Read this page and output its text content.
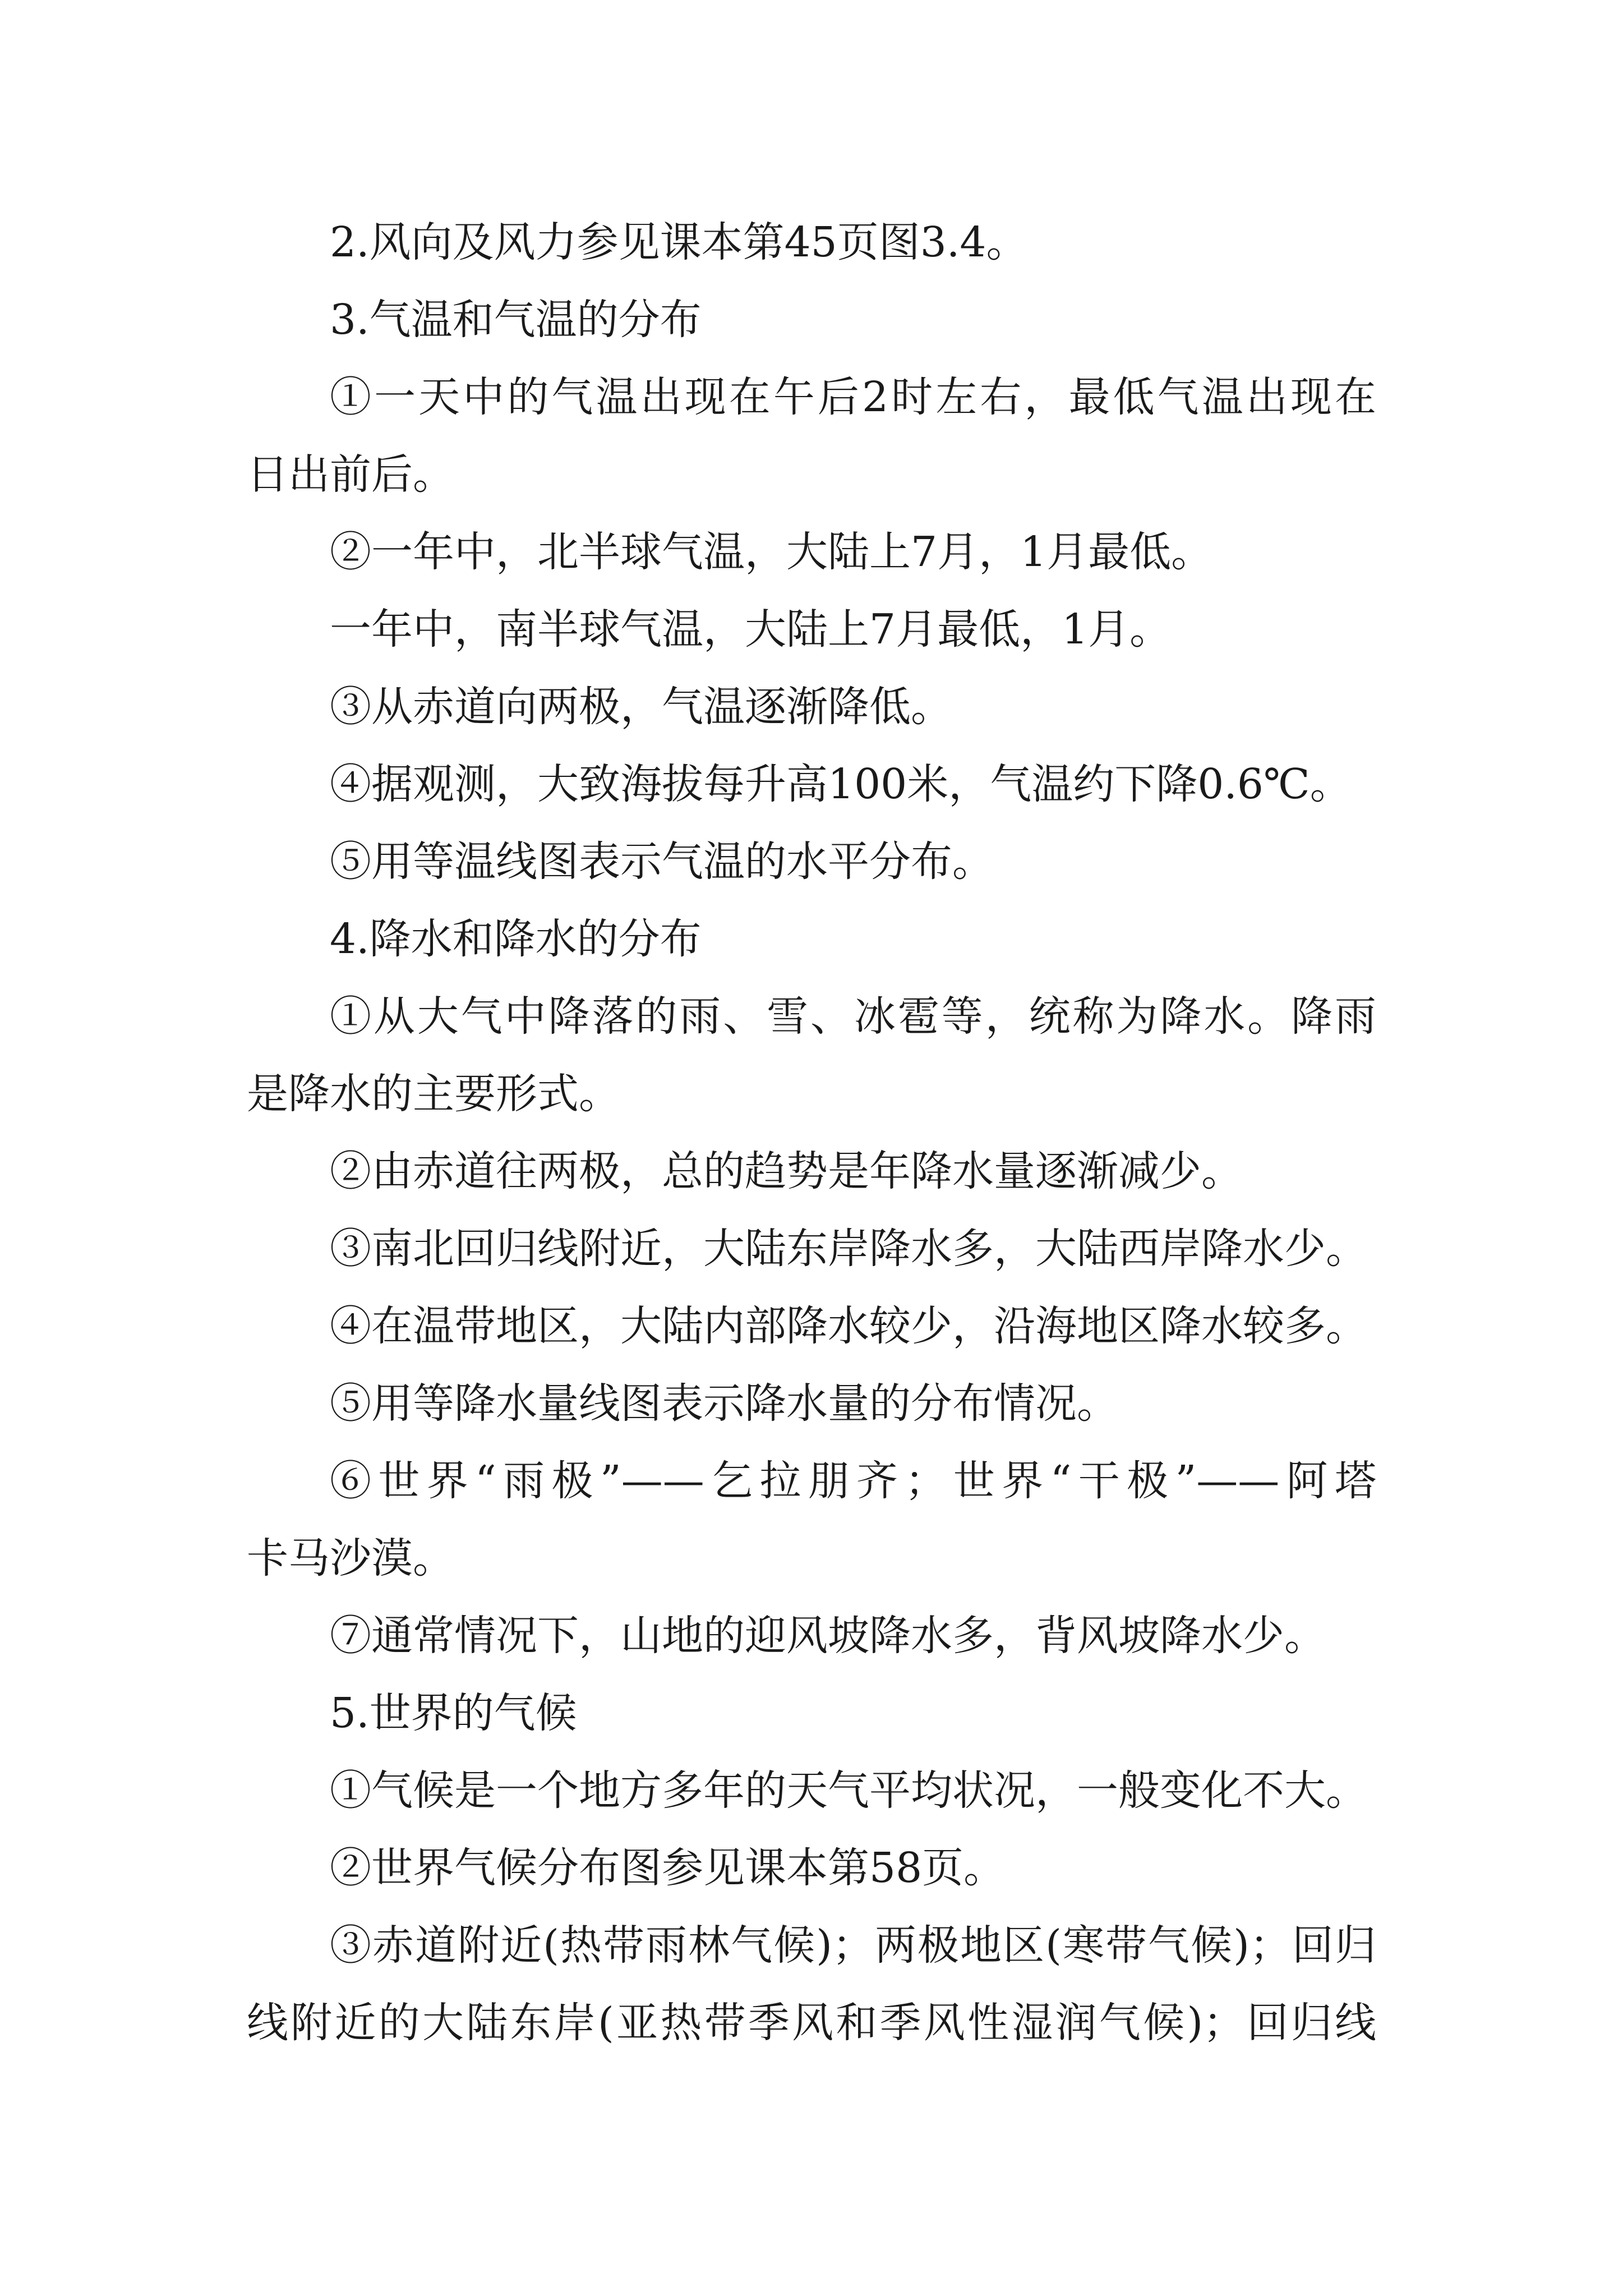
2.风向及风力参见课本第45页图3.4。
3.气温和气温的分布
①一天中的气温出现在午后2时左右，最低气温出现在
日出前后。
②一年中，北半球气温，大陆上7月，1月最低。
一年中，南半球气温，大陆上7月最低，1月。
③从赤道向两极，气温逐渐降低。
④据观测，大致海拔每升高100米，气温约下降0.6℃。
⑤用等温线图表示气温的水平分布。
4.降水和降水的分布
①从大气中降落的雨、雪、冰雹等，统称为降水。降雨
是降水的主要形式。
②由赤道往两极，总的趋势是年降水量逐渐减少。
③南北回归线附近，大陆东岸降水多，大陆西岸降水少。
④在温带地区，大陆内部降水较少，沿海地区降水较多。
⑤用等降水量线图表示降水量的分布情况。
⑥世界“雨极”——乞拉朋齐；世界“干极”——阿塔
卡马沙漠。
⑦通常情况下，山地的迎风坡降水多，背风坡降水少。
5.世界的气候
①气候是一个地方多年的天气平均状况，一般变化不大。
②世界气候分布图参见课本第58页。
③赤道附近(热带雨林气候)；两极地区(寒带气候)；回归
线附近的大陆东岸(亚热带季风和季风性湿润气候)；回归线
